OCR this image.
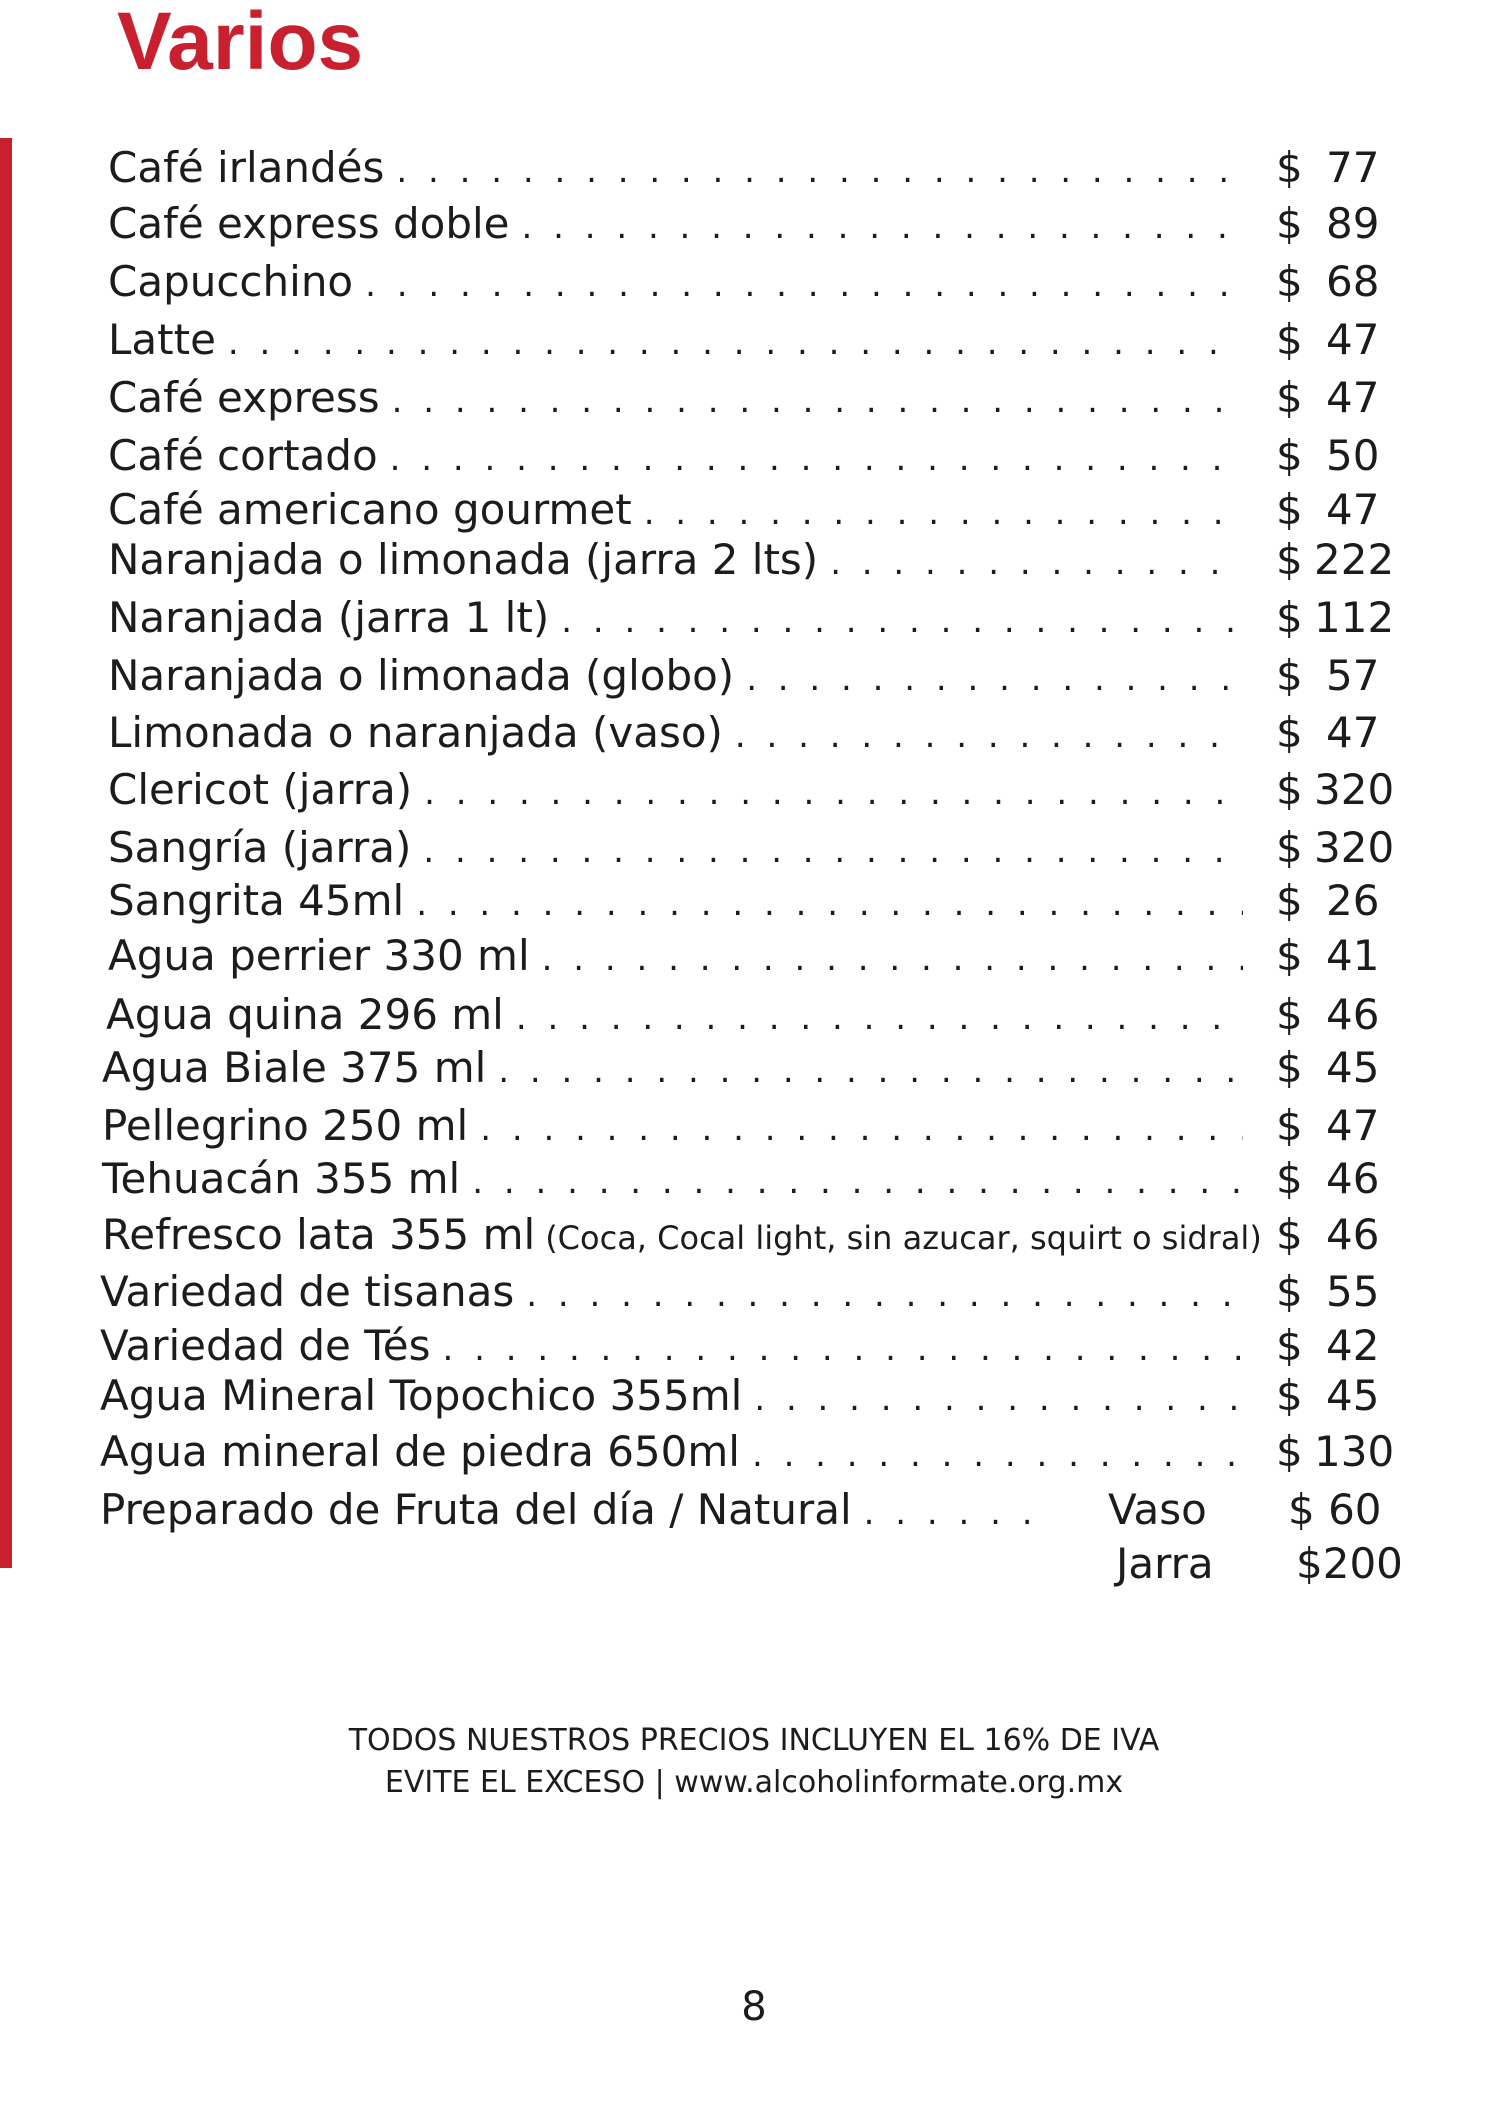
Varios
Café irlandés . . .	$ 77
Café express doble . . .	$ 89
Capucchino . . .	$ 68
Latte . . .	$ 47
Café express . . .	$ 47
Café cortado . . .	$ 50
Café americano gourmet . . .	$ 47
Naranjada o limonada (jarra 2 lts) . . .	$ 222
Naranjada (jarra 1 lt) . . .	$ 112
Naranjada o limonada (globo) . . .	$ 57
Limonada o naranjada (vaso) . . .	$ 47
Clericot (jarra) . . .	$ 320
Sangría (jarra) . . .	$ 320
Sangrita 45ml . . .	$ 26
Agua perrier 330 ml . . .	$ 41
Agua quina 296 ml . . .	$ 46
Agua Biale 375 ml . . .	$ 45
Pellegrino 250 ml . . .	$ 47
Tehuacán 355 ml . . .	$ 46
Refresco lata 355 ml (Coca, Cocal light, sin azucar, squirt o sidral) $ 46
Variedad de tisanas . . .	$ 55
Variedad de Tés . . .	$ 42
Agua Mineral Topochico 355ml . . .	$ 45
Agua mineral de piedra 650ml . . .	$ 130
Preparado de Fruta del día / Natural . . .	Vaso	$ 60
Jarra	$200
TODOS NUESTROS PRECIOS INCLUYEN EL 16% DE IVA
EVITE EL EXCESO | www.alcoholinformate.org.mx
8
